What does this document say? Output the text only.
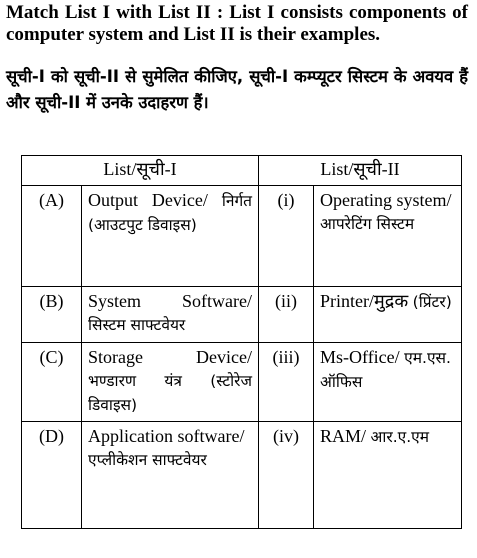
Match List I with List II : List I consists components of computer system and List II is their examples.
सूची-I को सूची-II से सुमेलित कीजिए, सूची-I कम्प्यूटर सिस्टम के अवयव हैं और सूची-II में उनके उदाहरण हैं।
List/सूची-I		List/सूची-II	
(A)	Output Device/ निर्गत (आउटपुट डिवाइस)	(i)	Operating system/ आपरेटिंग सिस्टम
(B)	System Software/ सिस्टम साफ्टवेयर	(ii)	Printer/मुद्रक (प्रिंटर)
(C)	Storage Device/ भण्डारण यंत्र (स्टोरेज डिवाइस)	(iii)	Ms-Office/ एम.एस. ऑफिस
(D)	Application software/ एप्लीकेशन साफ्टवेयर	(iv)	RAM/ आर.ए.एम
